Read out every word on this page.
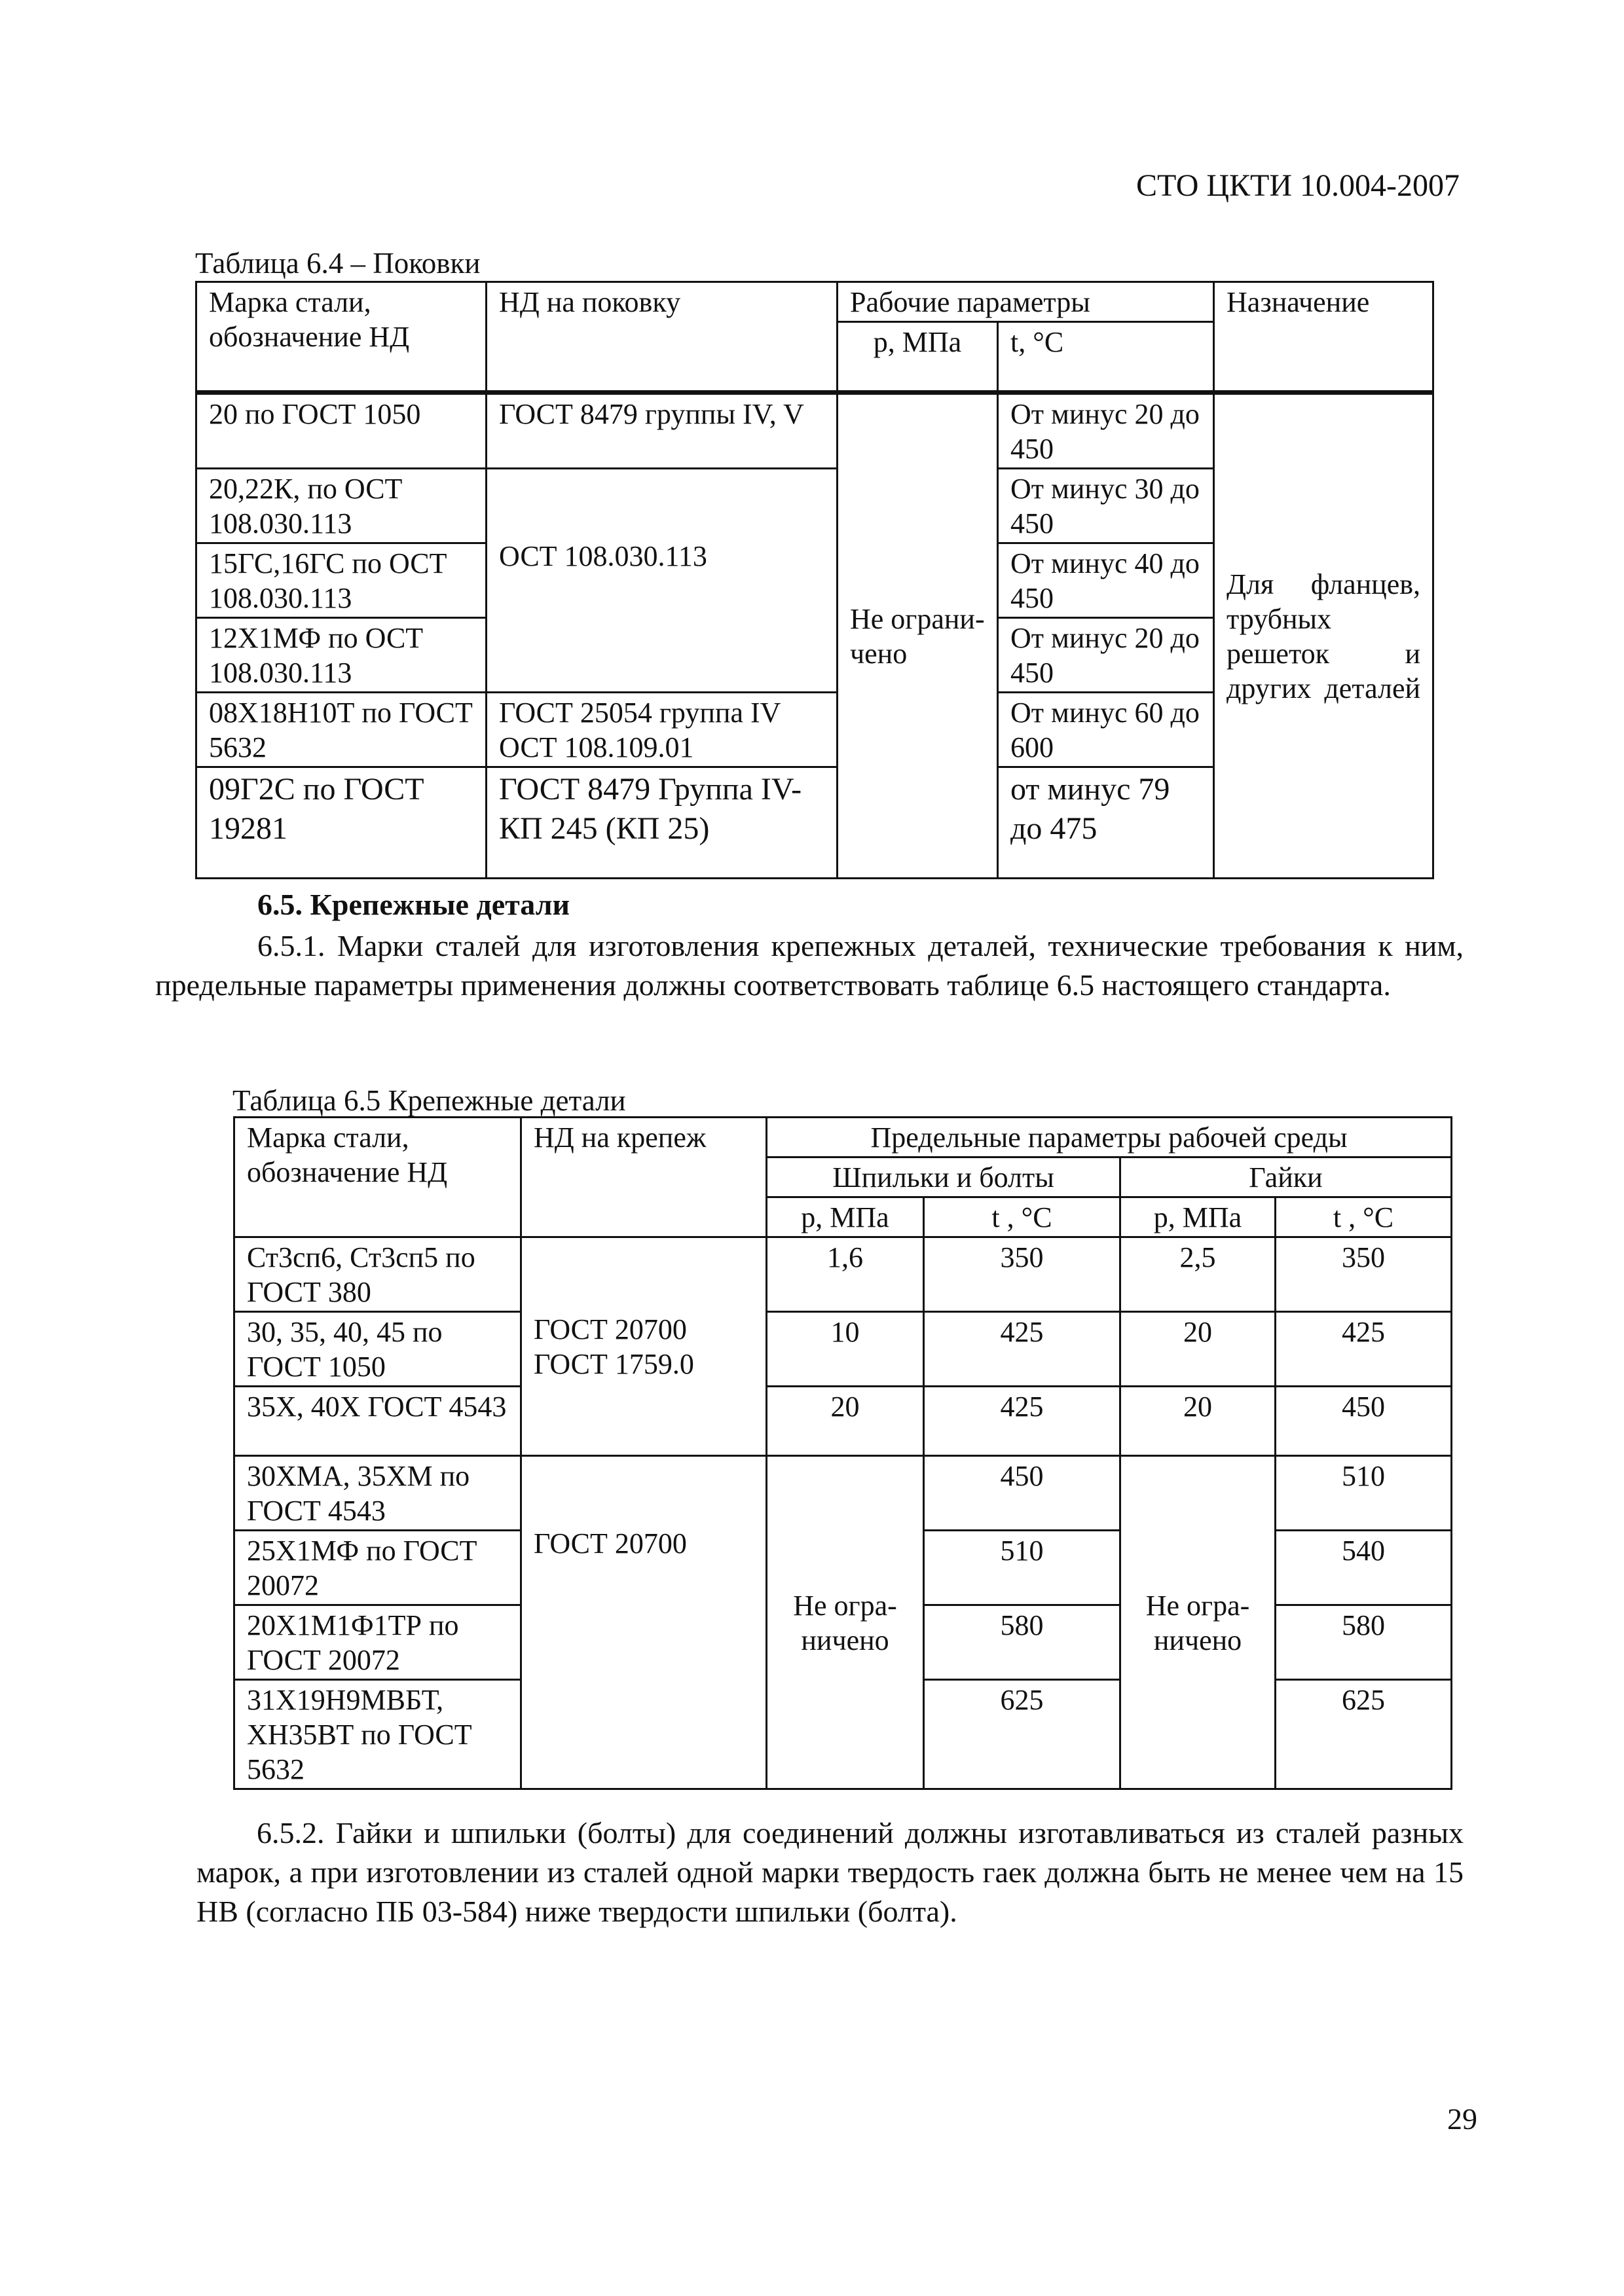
СТО ЦКТИ 10.004-2007
Таблица 6.4 – Поковки
Марка стали, обозначение НД	НД на поковку	Рабочие параметры		Назначение
		р, МПа	t, °С	
20 по ГОСТ 1050	ГОСТ 8479 группы IV, V	Не ограни-чено	От минус 20 до 450	Для фланцев, трубных решеток и других деталей
20,22К, по ОСТ 108.030.113	ОСТ 108.030.113		От минус 30 до 450	
15ГС,16ГС по ОСТ 108.030.113			От минус 40 до 450	
12Х1МФ по ОСТ 108.030.113			От минус 20 до 450	
08Х18Н10Т по ГОСТ 5632	ГОСТ 25054 группа IV ОСТ 108.109.01		От минус 60 до 600	
09Г2С по ГОСТ 19281	ГОСТ 8479 Группа IV-КП 245 (КП 25)		от минус 79 до 475	
6.5. Крепежные детали
6.5.1. Марки сталей для изготовления крепежных деталей, технические требования к ним, предельные параметры применения должны соответствовать таблице 6.5 настоящего стандарта.
Таблица 6.5 Крепежные детали
Марка стали, обозначение НД	НД на крепеж	Предельные параметры рабочей среды			
		Шпильки и болты		Гайки	
		р, МПа	t , °С	р, МПа	t , °С
Ст3сп6, Ст3сп5 по ГОСТ 380	ГОСТ 20700 ГОСТ 1759.0	1,6	350	2,5	350
30, 35, 40, 45 по ГОСТ 1050		10	425	20	425
35Х, 40Х ГОСТ 4543		20	425	20	450
30ХМА, 35ХМ по ГОСТ 4543	ГОСТ 20700	Не огра-ничено	450	Не огра-ничено	510
25Х1МФ по ГОСТ 20072			510		540
20Х1М1Ф1ТР по ГОСТ 20072			580		580
31Х19Н9МВБТ, ХН35ВТ по ГОСТ 5632			625		625
6.5.2. Гайки и шпильки (болты) для соединений должны изготавливаться из сталей разных марок, а при изготовлении из сталей одной марки твердость гаек должна быть не менее чем на 15 НВ (согласно ПБ 03-584) ниже твердости шпильки (болта).
29
